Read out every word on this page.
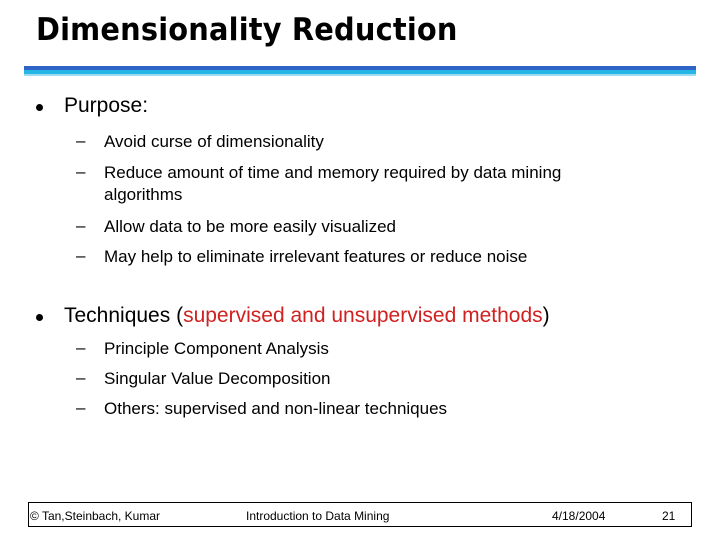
Dimensionality Reduction
Purpose:
– Avoid curse of dimensionality
– Reduce amount of time and memory required by data mining algorithms
– Allow data to be more easily visualized
– May help to eliminate irrelevant features or reduce noise
Techniques (supervised and unsupervised methods)
– Principle Component Analysis
– Singular Value Decomposition
– Others: supervised and non-linear techniques
© Tan,Steinbach, Kumar	Introduction to Data Mining	4/18/2004	21
